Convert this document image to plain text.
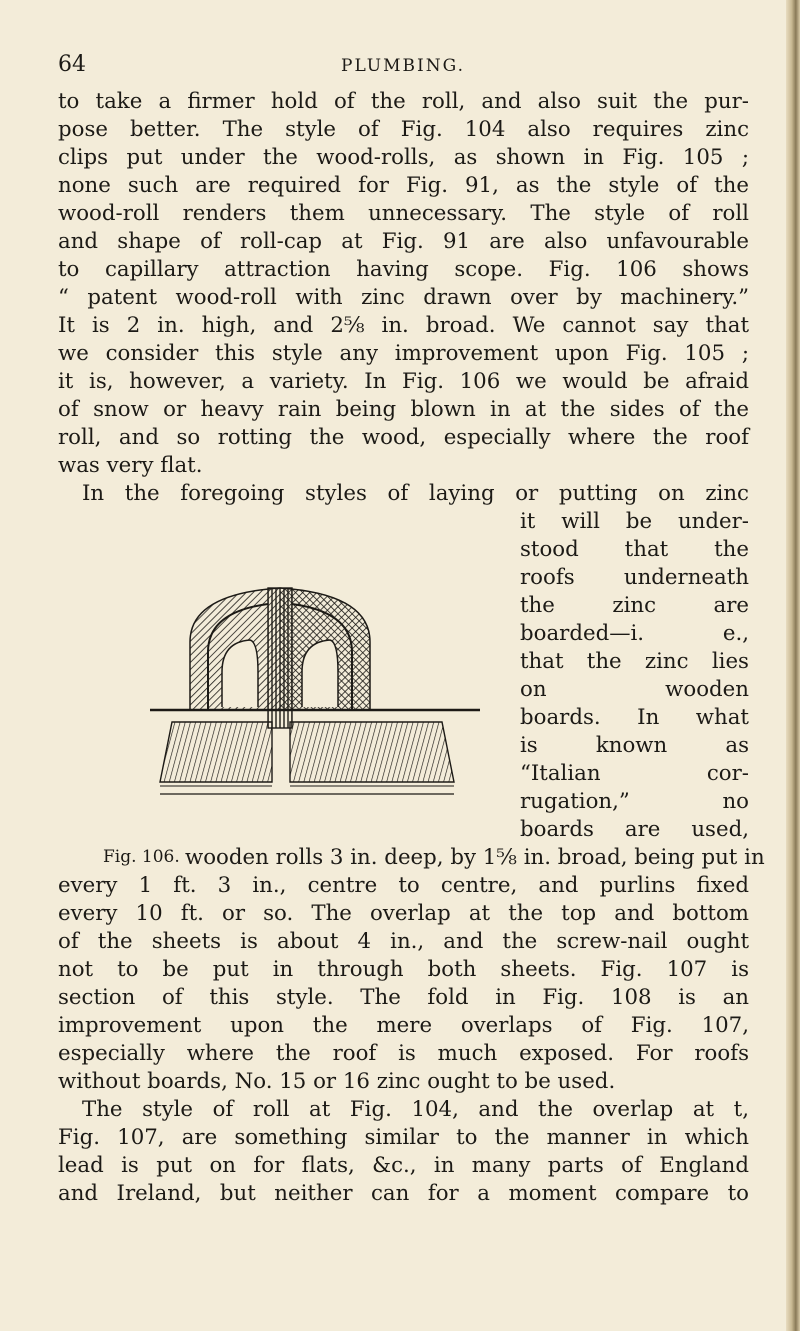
64	PLUMBING.
to take a firmer hold of the roll, and also suit the pur-
pose better. The style of Fig. 104 also requires zinc
clips put under the wood-rolls, as shown in Fig. 105 ;
none such are required for Fig. 91, as the style of the
wood-roll renders them unnecessary. The style of roll
and shape of roll-cap at Fig. 91 are also unfavourable
to capillary attraction having scope. Fig. 106 shows
“ patent wood-roll with zinc drawn over by machinery.”
It is 2 in. high, and 2⅝ in. broad. We cannot say that
we consider this style any improvement upon Fig. 105 ;
it is, however, a variety. In Fig. 106 we would be afraid
of snow or heavy rain being blown in at the sides of the
roll, and so rotting the wood, especially where the roof
was very flat.
In the foregoing styles of laying or putting on zinc
it will be under-
stood that the
roofs underneath
the zinc are
boarded—i. e.,
that the zinc lies
on wooden
boards. In what
is known as
“Italian cor-
rugation,” no
boards are used,
Fig. 106. wooden rolls 3 in. deep, by 1⅝ in. broad, being put in
every 1 ft. 3 in., centre to centre, and purlins fixed
every 10 ft. or so. The overlap at the top and bottom
of the sheets is about 4 in., and the screw-nail ought
not to be put in through both sheets. Fig. 107 is
section of this style. The fold in Fig. 108 is an
improvement upon the mere overlaps of Fig. 107,
especially where the roof is much exposed. For roofs
without boards, No. 15 or 16 zinc ought to be used.
The style of roll at Fig. 104, and the overlap at t,
Fig. 107, are something similar to the manner in which
lead is put on for flats, &c., in many parts of England
and Ireland, but neither can for a moment compare to
